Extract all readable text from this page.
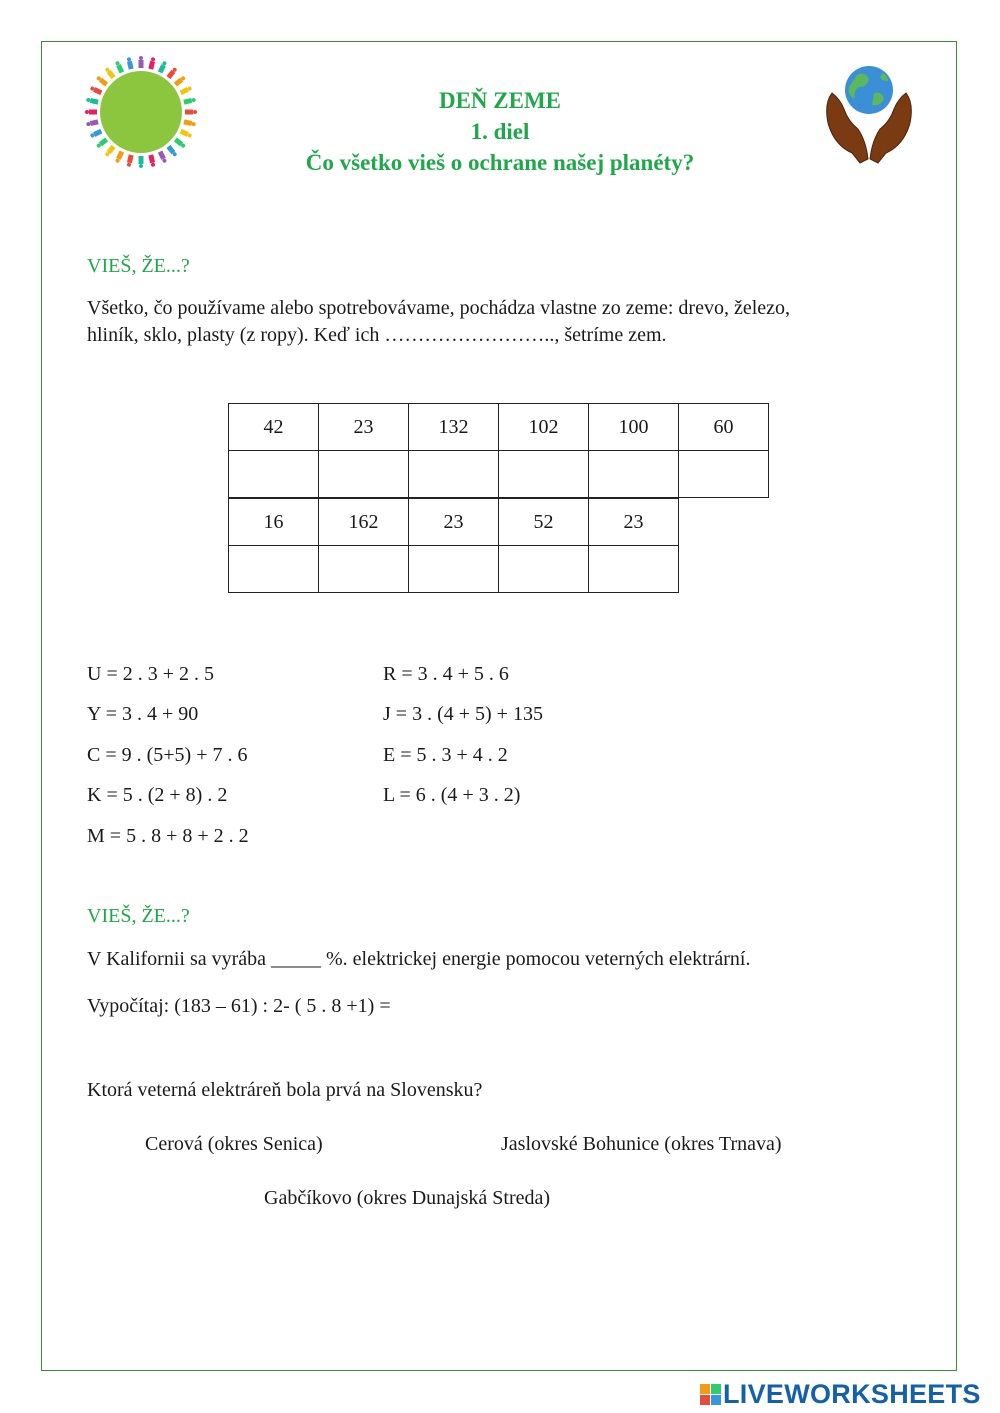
DEŇ ZEME
1. diel
Čo všetko vieš o ochrane našej planéty?
VIEŠ, ŽE...?
Všetko, čo používame alebo spotrebovávame, pochádza vlastne zo zeme: drevo, železo,
hliník, sklo, plasty (z ropy). Keď ich …………………….., šetríme zem.
42	23	132	102	100	60

16	162	23	52	23

U = 2 . 3 + 2 . 5
Y = 3 . 4 + 90
C = 9 . (5+5) + 7 . 6
K = 5 . (2 + 8) . 2
M = 5 . 8 + 8 + 2 . 2
R = 3 . 4 + 5 . 6
J = 3 . (4 + 5) + 135
E = 5 . 3 + 4 . 2
L = 6 . (4 + 3 . 2)
VIEŠ, ŽE...?
V Kalifornii sa vyrába _____ %. elektrickej energie pomocou veterných elektrární.
Vypočítaj: (183 – 61) : 2- ( 5 . 8 +1) =
Ktorá veterná elektráreň bola prvá na Slovensku?
Cerová (okres Senica)	Jaslovské Bohunice (okres Trnava)
Gabčíkovo (okres Dunajská Streda)
LIVEWORKSHEETS
